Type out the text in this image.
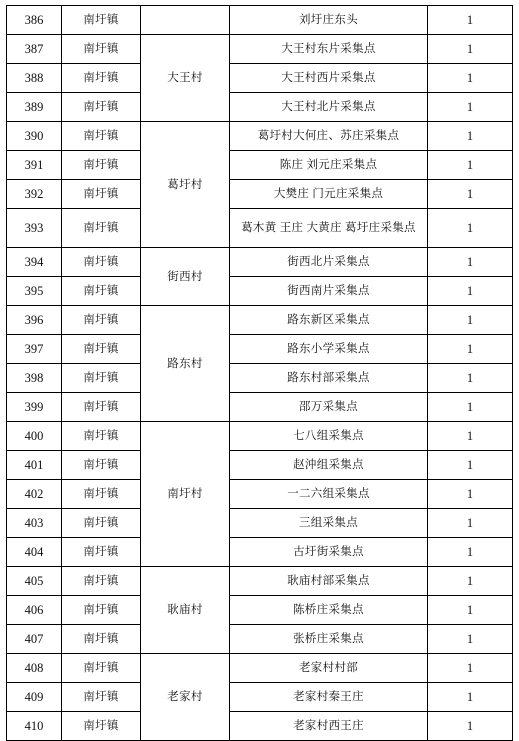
386	南圩镇		刘圩庄东头	1
387	南圩镇	大王村	大王村东片采集点	1
388	南圩镇		大王村西片采集点	1
389	南圩镇		大王村北片采集点	1
390	南圩镇	葛圩村	葛圩村大何庄、苏庄采集点	1
391	南圩镇		陈庄 刘元庄采集点	1
392	南圩镇		大樊庄 门元庄采集点	1
393	南圩镇		葛木黄 王庄 大黄庄 葛圩庄采集点	1
394	南圩镇	街西村	街西北片采集点	1
395	南圩镇		街西南片采集点	1
396	南圩镇	路东村	路东新区采集点	1
397	南圩镇		路东小学采集点	1
398	南圩镇		路东村部采集点	1
399	南圩镇		邵万采集点	1
400	南圩镇	南圩村	七八组采集点	1
401	南圩镇		赵沖组采集点	1
402	南圩镇		一二六组采集点	1
403	南圩镇		三组采集点	1
404	南圩镇		古圩街采集点	1
405	南圩镇	耿庙村	耿庙村部采集点	1
406	南圩镇		陈桥庄采集点	1
407	南圩镇		张桥庄采集点	1
408	南圩镇	老家村	老家村村部	1
409	南圩镇		老家村秦王庄	1
410	南圩镇		老家村西王庄	1
